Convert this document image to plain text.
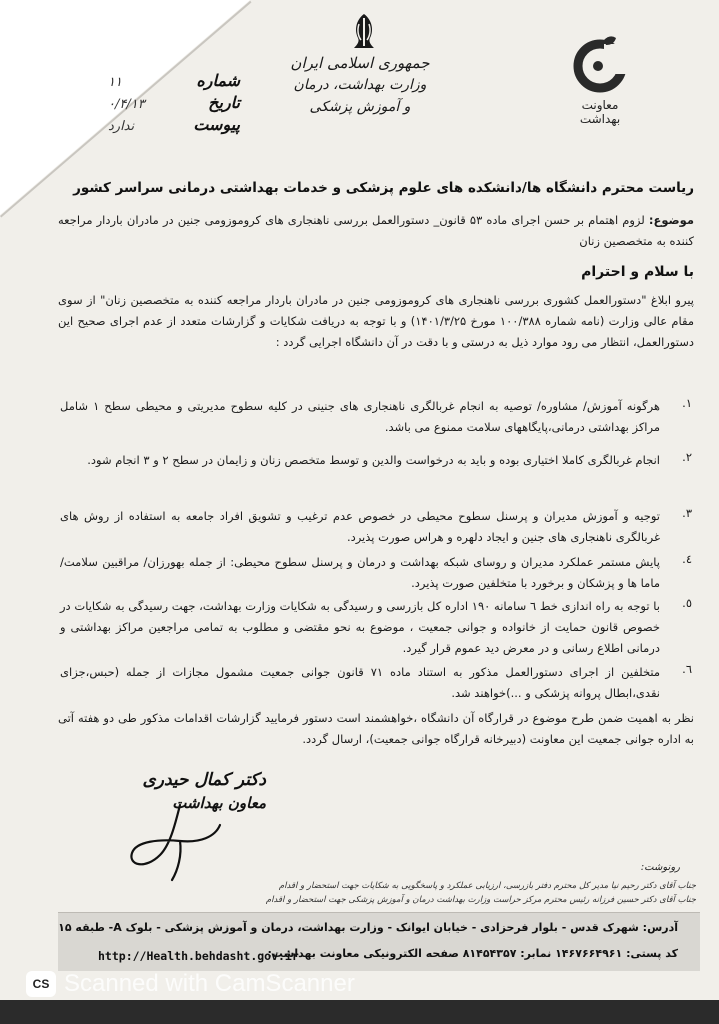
معاونت بهداشت
جمهوری اسلامی ایران
وزارت بهداشت، درمان و آموزش پزشکی
شماره
تاریخ
پیوست
۱۱
۰/۴/۱۳
ندارد
ریاست محترم دانشگاه ها/دانشکده های علوم پزشکی و خدمات بهداشتی درمانی سراسر کشور
موضوع: لزوم اهتمام بر حسن اجرای ماده ۵۳ قانون_ دستورالعمل بررسی ناهنجاری های کروموزومی جنین در مادران باردار مراجعه کننده به متخصصین زنان
با سلام و احترام
پیرو ابلاغ "دستورالعمل کشوری بررسی ناهنجاری های کروموزومی جنین در مادران باردار مراجعه کننده به متخصصین زنان" از سوی مقام عالی وزارت (نامه شماره ۱۰۰/۳۸۸ مورخ ۱۴۰۱/۳/۲۵) و با توجه به دریافت شکایات و گزارشات متعدد از عدم اجرای صحیح این دستورالعمل، انتظار می رود موارد ذیل به درستی و با دقت در آن دانشگاه اجرایی گردد :
۱.
هرگونه آموزش/ مشاوره/ توصیه به انجام غربالگری ناهنجاری های جنینی در کلیه سطوح مدیریتی و محیطی سطح ۱ شامل مراکز بهداشتی درمانی،پایگاههای سلامت ممنوع می باشد.
۲.
انجام غربالگری کاملا اختیاری بوده و باید به درخواست والدین و توسط متخصص زنان و زایمان در سطح ۲ و ۳ انجام شود.
۳.
توجیه و آموزش مدیران و پرسنل سطوح محیطی در خصوص عدم ترغیب و تشویق افراد جامعه به استفاده از روش های غربالگری ناهنجاری های جنین و ایجاد دلهره و هراس صورت پذیرد.
٤.
پایش مستمر عملکرد مدیران و روسای شبکه بهداشت و درمان و پرسنل سطوح محیطی: از جمله بهورزان/ مراقبین سلامت/ ماما ها و پزشکان و برخورد با متخلفین صورت پذیرد.
٥.
با توجه به راه اندازی خط ٦ سامانه ۱۹۰ اداره کل بازرسی و رسیدگی به شکایات وزارت بهداشت، جهت رسیدگی به شکایات در خصوص قانون حمایت از خانواده و جوانی جمعیت ، موضوع به نحو مقتضی و مطلوب به تمامی مراجعین مراکز بهداشتی و درمانی اطلاع رسانی و در معرض دید عموم قرار گیرد.
٦.
متخلفین از اجرای دستورالعمل مذکور به استناد ماده ۷۱ قانون جوانی جمعیت مشمول مجازات از جمله (حبس،جزای نقدی،ابطال پروانه پزشکی و ...)خواهند شد.
نظر به اهمیت ضمن طرح موضوع در قرارگاه آن دانشگاه ،خواهشمند است دستور فرمایید گزارشات اقدامات مذکور طی دو هفته آتی به اداره جوانی جمعیت این معاونت (دبیرخانه قرارگاه جوانی جمعیت)، ارسال گردد.
دکتر کمال حیدری
معاون بهداشت
رونوشت:
جناب آقای دکتر رحیم نیا مدیر کل محترم دفتر بازرسی، ارزیابی عملکرد و پاسخگویی به شکایات جهت استحضار و اقدام
جناب آقای دکتر حسین فرزانه رئیس محترم مرکز حراست وزارت بهداشت درمان و آموزش پزشکی جهت استحضار و اقدام
آدرس: شهرک قدس - بلوار فرحزادی - خیابان ایوانک - وزارت بهداشت، درمان و آموزش پزشکی - بلوک A- طبقه ۱۵
کد پستی: ۱۴۶۷۶۶۴۹۶۱ نمابر: ۸۱۴۵۴۳۵۷ صفحه الکترونیکی معاونت بهداشت:
http://Health.behdasht.gov.ir
CS Scanned with CamScanner
